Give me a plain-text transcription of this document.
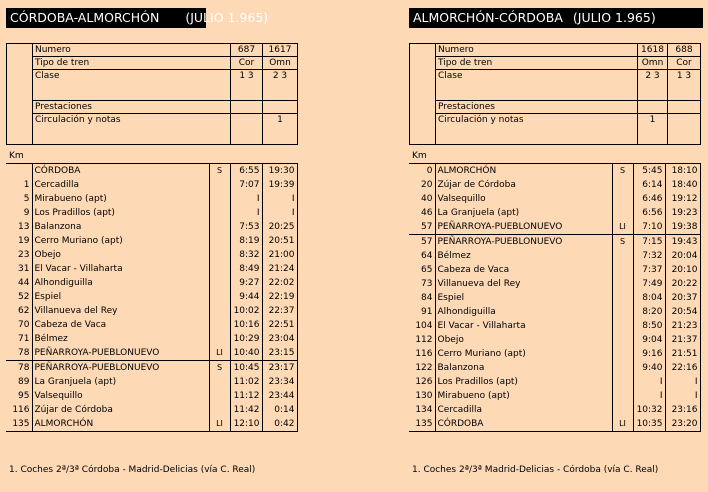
CÓRDOBA-ALMORCHÓN (JULIO 1.965)
	Numero	687	1617
	Tipo de tren	Cor	Omn
	Clase	1 3	2 3
	Prestaciones		
	Circulación y notas		1
Km
	CÓRDOBA	S	6:55	19:30
1	Cercadilla		7:07	19:39
5	Mirabueno (apt)		I	I
9	Los Pradillos (apt)		I	I
13	Balanzona		7:53	20:25
19	Cerro Muriano (apt)		8:19	20:51
23	Obejo		8:32	21:00
31	El Vacar - Villaharta		8:49	21:24
44	Alhondiguilla		9:27	22:02
52	Espiel		9:44	22:19
62	Villanueva del Rey		10:02	22:37
70	Cabeza de Vaca		10:16	22:51
71	Bélmez		10:29	23:04
78	PEÑARROYA-PUEBLONUEVO	LI	10:40	23:15
78	PEÑARROYA-PUEBLONUEVO	S	10:45	23:17
89	La Granjuela (apt)		11:02	23:34
95	Valsequillo		11:12	23:44
116	Zújar de Córdoba		11:42	0:14
135	ALMORCHÓN	LI	12:10	0:42
1. Coches 2ª/3ª Córdoba - Madrid-Delicias (vía C. Real)
ALMORCHÓN-CÓRDOBA (JULIO 1.965)
	Numero	1618	688
	Tipo de tren	Omn	Cor
	Clase	2 3	1 3
	Prestaciones		
	Circulación y notas	1	
Km
0	ALMORCHÓN	S	5:45	18:10
20	Zújar de Córdoba		6:14	18:40
40	Valsequillo		6:46	19:12
46	La Granjuela (apt)		6:56	19:23
57	PEÑARROYA-PUEBLONUEVO	LI	7:10	19:38
57	PEÑARROYA-PUEBLONUEVO	S	7:15	19:43
64	Bélmez		7:32	20:04
65	Cabeza de Vaca		7:37	20:10
73	Villanueva del Rey		7:49	20:22
84	Espiel		8:04	20:37
91	Alhondiguilla		8:20	20:54
104	El Vacar - Villaharta		8:50	21:23
112	Obejo		9:04	21:37
116	Cerro Muriano (apt)		9:16	21:51
122	Balanzona		9:40	22:16
126	Los Pradillos (apt)		I	I
130	Mirabueno (apt)		I	I
134	Cercadilla		10:32	23:16
135	CÓRDOBA	LI	10:35	23:20
1. Coches 2ª/3ª Madrid-Delicias - Córdoba (vía C. Real)
